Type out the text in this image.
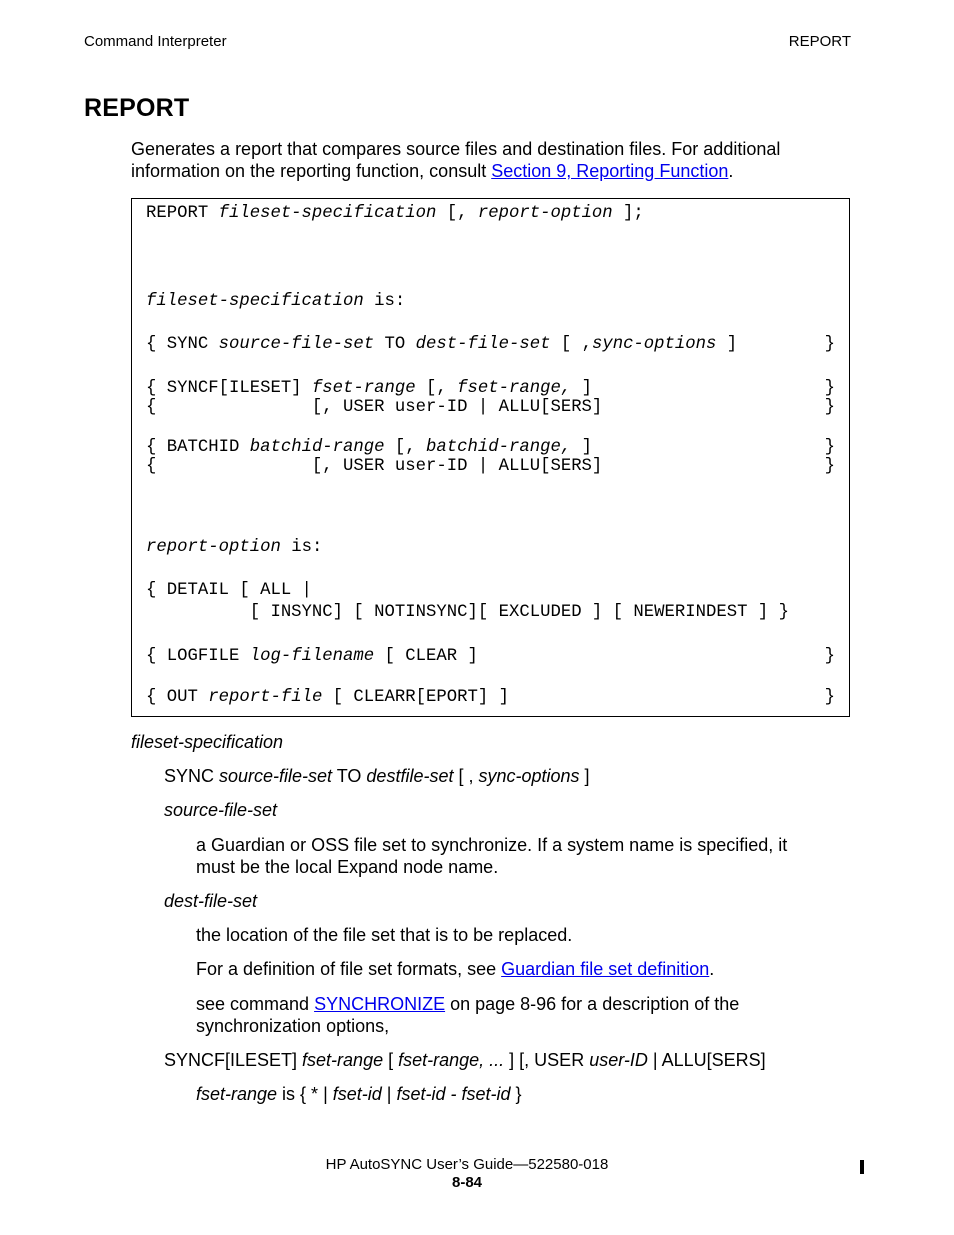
Command Interpreter	REPORT
REPORT
Generates a report that compares source files and destination files. For additional
information on the reporting function, consult Section 9, Reporting Function.
REPORT fileset-specification [, report-option ];
fileset-specification is:
{ SYNC source-file-set TO dest-file-set [ ,sync-options ]	}
{ SYNCF[ILESET] fset-range [, fset-range, ]	}
{               [, USER user-ID | ALLU[SERS]	}
{ BATCHID batchid-range [, batchid-range, ]	}
{               [, USER user-ID | ALLU[SERS]	}
report-option is:
{ DETAIL [ ALL |
[ INSYNC] [ NOTINSYNC][ EXCLUDED ] [ NEWERINDEST ] }
{ LOGFILE log-filename [ CLEAR ]	}
{ OUT report-file [ CLEARR[EPORT] ]	}
fileset-specification
SYNC source-file-set TO destfile-set [ , sync-options ]
source-file-set
a Guardian or OSS file set to synchronize. If a system name is specified, it
must be the local Expand node name.
dest-file-set
the location of the file set that is to be replaced.
For a definition of file set formats, see Guardian file set definition.
see command SYNCHRONIZE on page 8-96 for a description of the
synchronization options,
SYNCF[ILESET] fset-range [ fset-range, ... ] [, USER user-ID | ALLU[SERS]
fset-range is { * | fset-id | fset-id - fset-id }
HP AutoSYNC User’s Guide—522580-018
8-84
